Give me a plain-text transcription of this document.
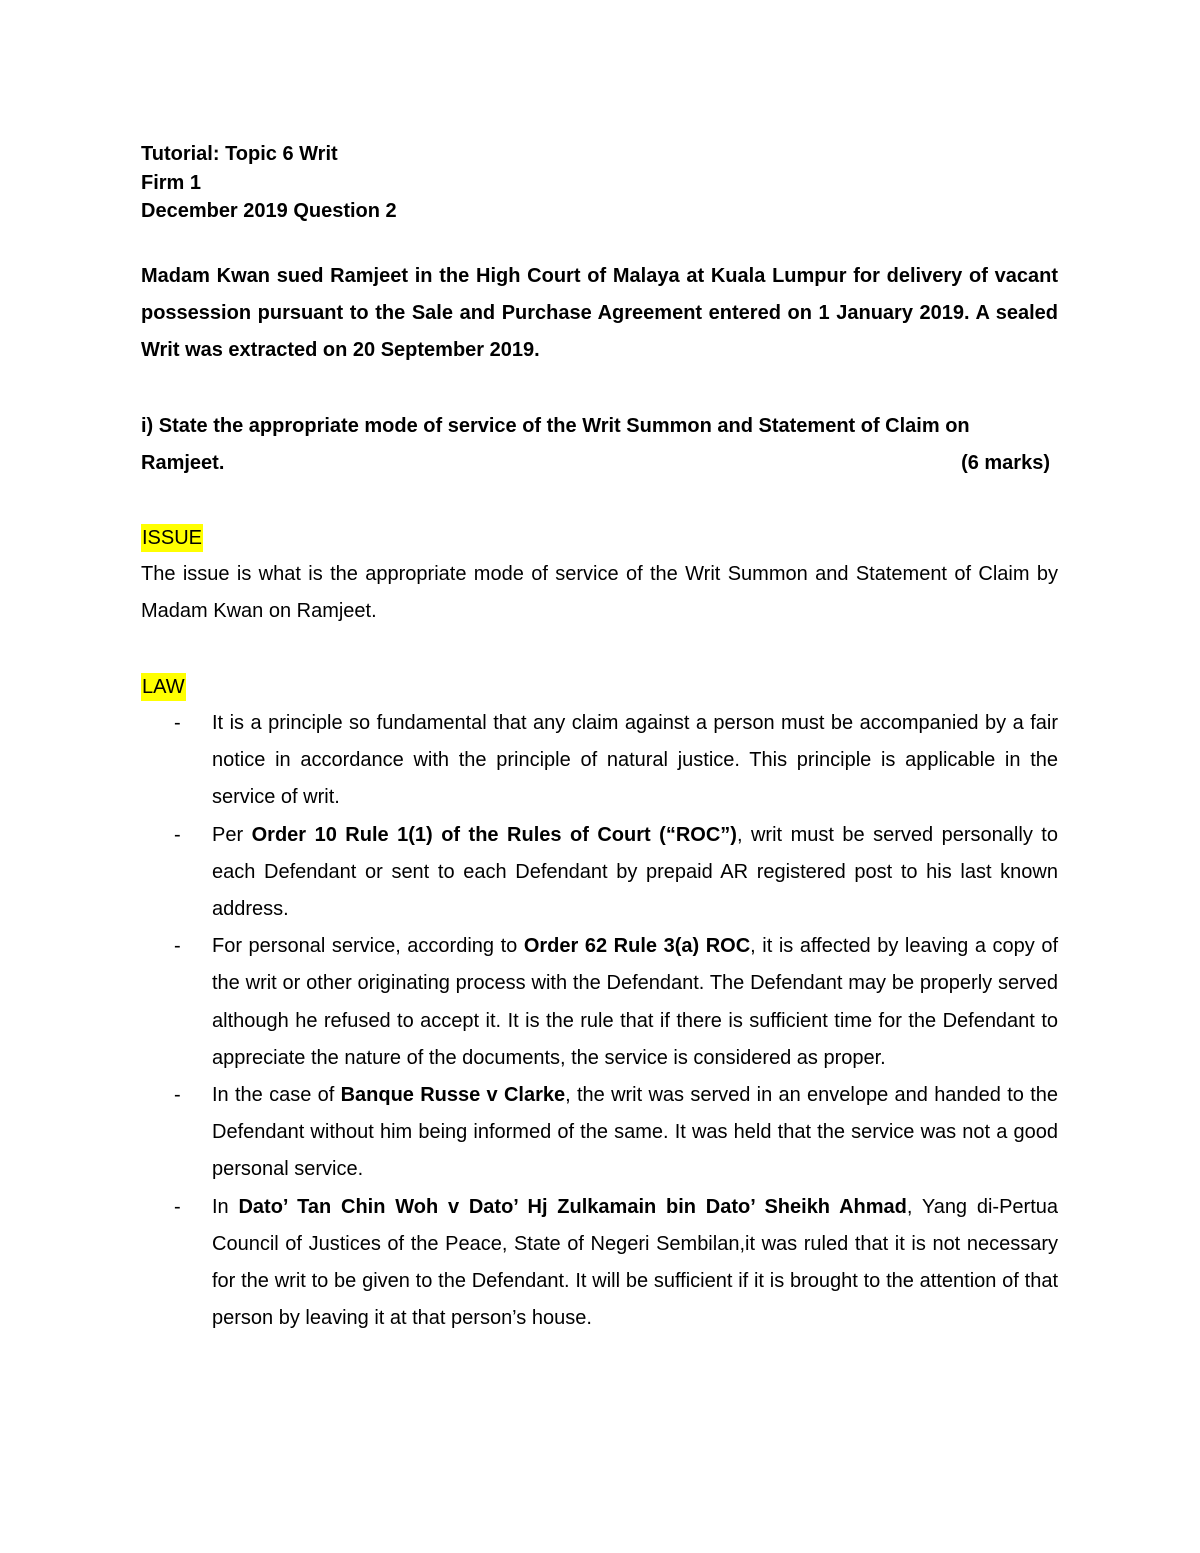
Tutorial: Topic 6 Writ
Firm 1
December 2019 Question 2
Madam Kwan sued Ramjeet in the High Court of Malaya at Kuala Lumpur for delivery of vacant possession pursuant to the Sale and Purchase Agreement entered on 1 January 2019. A sealed Writ was extracted on 20 September 2019.
i) State the appropriate mode of service of the Writ Summon and Statement of Claim on
Ramjeet.	(6 marks)
ISSUE
The issue is what is the appropriate mode of service of the Writ Summon and Statement of Claim by Madam Kwan on Ramjeet.
LAW
- It is a principle so fundamental that any claim against a person must be accompanied by a fair notice in accordance with the principle of natural justice. This principle is applicable in the service of writ.
- Per Order 10 Rule 1(1) of the Rules of Court (“ROC”), writ must be served personally to each Defendant or sent to each Defendant by prepaid AR registered post to his last known address.
- For personal service, according to Order 62 Rule 3(a) ROC, it is affected by leaving a copy of the writ or other originating process with the Defendant. The Defendant may be properly served although he refused to accept it. It is the rule that if there is sufficient time for the Defendant to appreciate the nature of the documents, the service is considered as proper.
- In the case of Banque Russe v Clarke, the writ was served in an envelope and handed to the Defendant without him being informed of the same. It was held that the service was not a good personal service.
- In Dato’ Tan Chin Woh v Dato’ Hj Zulkamain bin Dato’ Sheikh Ahmad, Yang di-Pertua Council of Justices of the Peace, State of Negeri Sembilan,it was ruled that it is not necessary for the writ to be given to the Defendant. It will be sufficient if it is brought to the attention of that person by leaving it at that person’s house.
